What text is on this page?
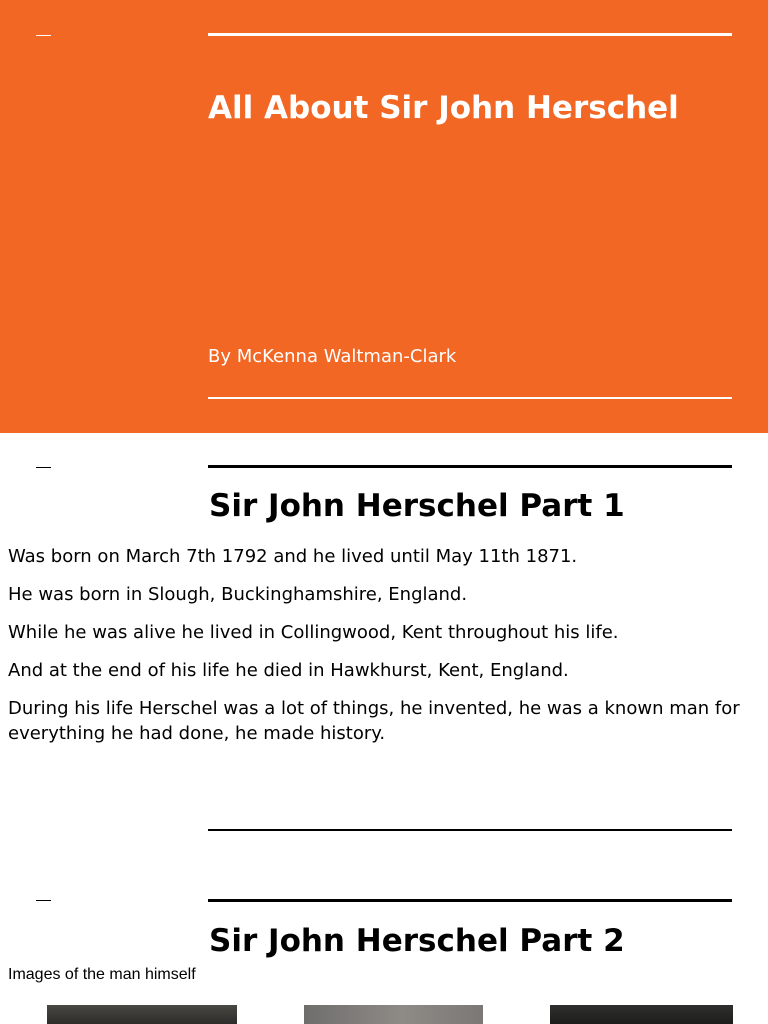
All About Sir John Herschel
By McKenna Waltman-Clark
Sir John Herschel Part 1

Was born on March 7th 1792 and he lived until May 11th 1871.

He was born in Slough, Buckinghamshire, England.

While he was alive he lived in Collingwood, Kent throughout his life.

And at the end of his life he died in Hawkhurst, Kent, England.

During his life Herschel was a lot of things, he invented, he was a known man for everything he had done, he made history.

Sir John Herschel Part 2
Images of the man himself
